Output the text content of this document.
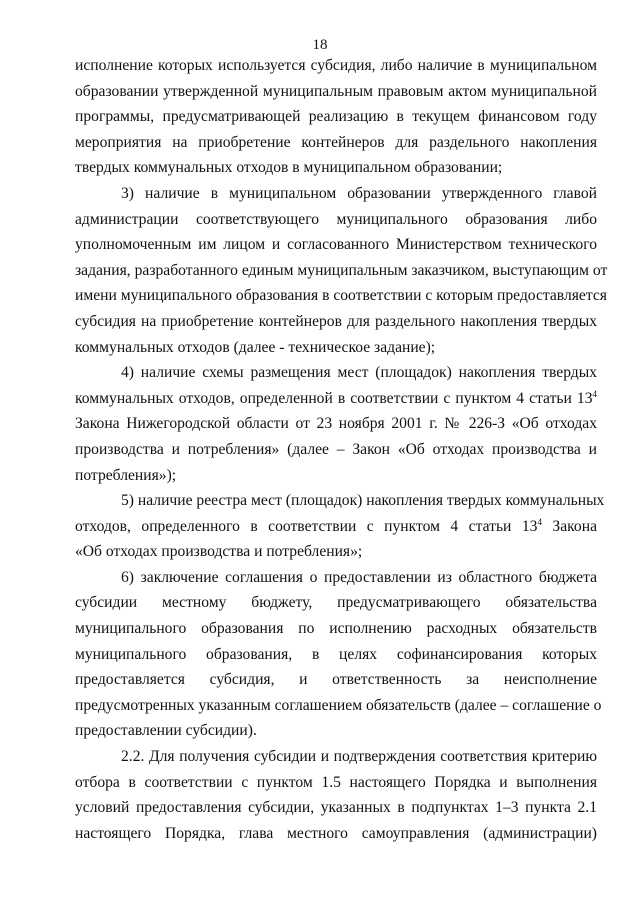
18

исполнение которых используется субсидия, либо наличие в муниципальном
образовании утвержденной муниципальным правовым актом муниципальной
программы, предусматривающей реализацию в текущем финансовом году
мероприятия на приобретение контейнеров для раздельного накопления
твердых коммунальных отходов в муниципальном образовании;

3) наличие в муниципальном образовании утвержденного главой
администрации соответствующего муниципального образования либо
уполномоченным им лицом и согласованного Министерством технического
задания, разработанного единым муниципальным заказчиком, выступающим от
имени муниципального образования в соответствии с которым предоставляется
субсидия на приобретение контейнеров для раздельного накопления твердых
коммунальных отходов (далее - техническое задание);

4) наличие схемы размещения мест (площадок) накопления твердых
коммунальных отходов, определенной в соответствии с пунктом 4 статьи $13^4$
Закона Нижегородской области от 23 ноября 2001 г. № 226-З «Об отходах
производства и потребления» (далее – Закон «Об отходах производства и
потребления»);

5) наличие реестра мест (площадок) накопления твердых коммунальных
отходов, определенного в соответствии с пунктом 4 статьи $13^4$ Закона
«Об отходах производства и потребления»;

6) заключение соглашения о предоставлении из областного бюджета
субсидии местному бюджету, предусматривающего обязательства
муниципального образования по исполнению расходных обязательств
муниципального образования, в целях софинансирования которых
предоставляется субсидия, и ответственность за неисполнение
предусмотренных указанным соглашением обязательств (далее – соглашение о
предоставлении субсидии).

2.2. Для получения субсидии и подтверждения соответствия критерию
отбора в соответствии с пунктом 1.5 настоящего Порядка и выполнения
условий предоставления субсидии, указанных в подпунктах 1–3 пункта 2.1
настоящего Порядка, глава местного самоуправления (администрации)
